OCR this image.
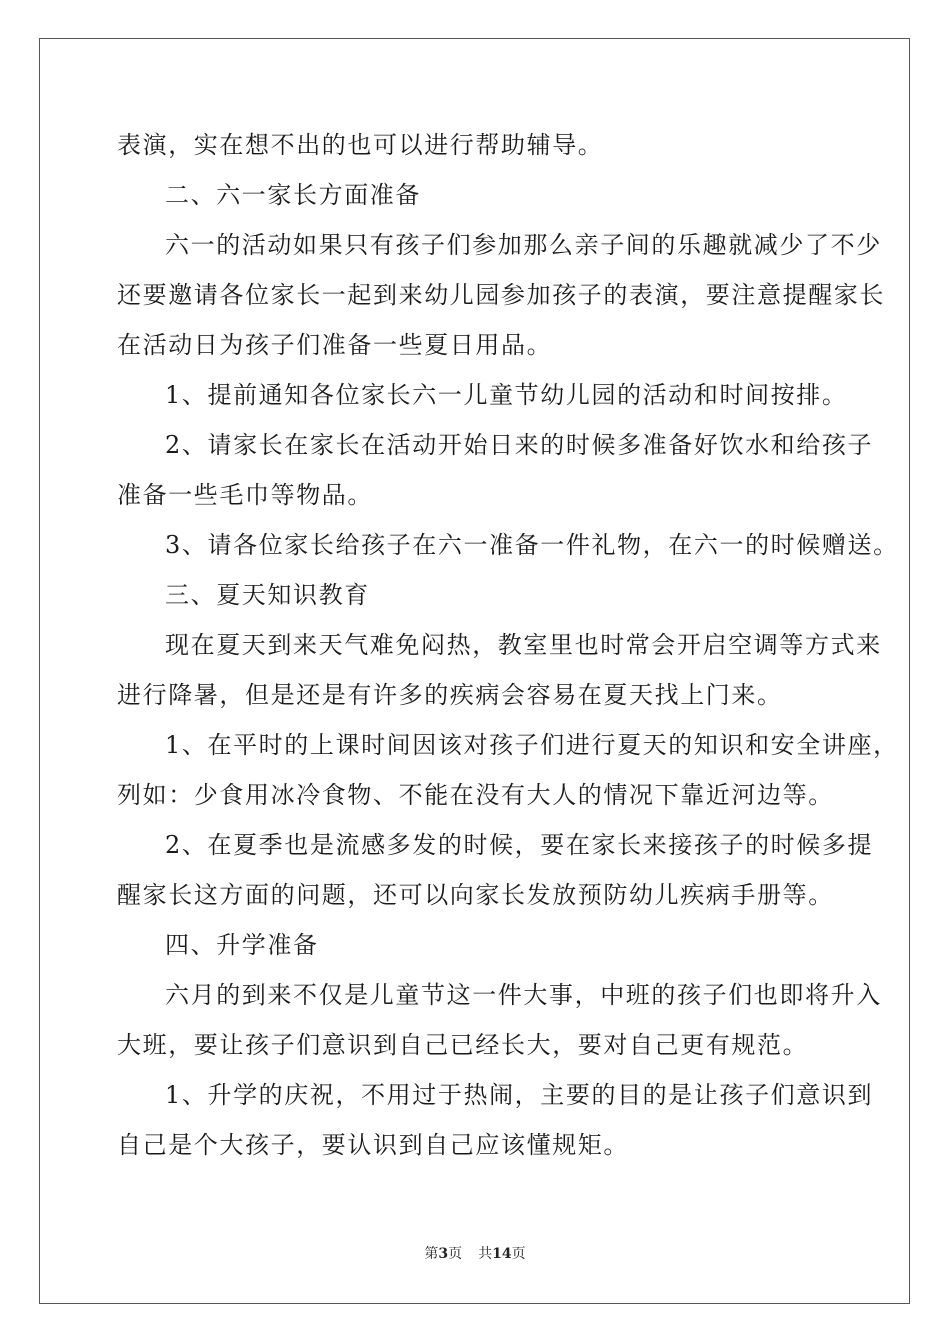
表演，实在想不出的也可以进行帮助辅导。
二、六一家长方面准备
六一的活动如果只有孩子们参加那么亲子间的乐趣就减少了不少
还要邀请各位家长一起到来幼儿园参加孩子的表演，要注意提醒家长
在活动日为孩子们准备一些夏日用品。
1、提前通知各位家长六一儿童节幼儿园的活动和时间按排。
2、请家长在家长在活动开始日来的时候多准备好饮水和给孩子
准备一些毛巾等物品。
3、请各位家长给孩子在六一准备一件礼物，在六一的时候赠送。
三、夏天知识教育
现在夏天到来天气难免闷热，教室里也时常会开启空调等方式来
进行降暑，但是还是有许多的疾病会容易在夏天找上门来。
1、在平时的上课时间因该对孩子们进行夏天的知识和安全讲座，
列如：少食用冰冷食物、不能在没有大人的情况下靠近河边等。
2、在夏季也是流感多发的时候，要在家长来接孩子的时候多提
醒家长这方面的问题，还可以向家长发放预防幼儿疾病手册等。
四、升学准备
六月的到来不仅是儿童节这一件大事，中班的孩子们也即将升入
大班，要让孩子们意识到自己已经长大，要对自己更有规范。
1、升学的庆祝，不用过于热闹，主要的目的是让孩子们意识到
自己是个大孩子，要认识到自己应该懂规矩。
第3页 共14页
